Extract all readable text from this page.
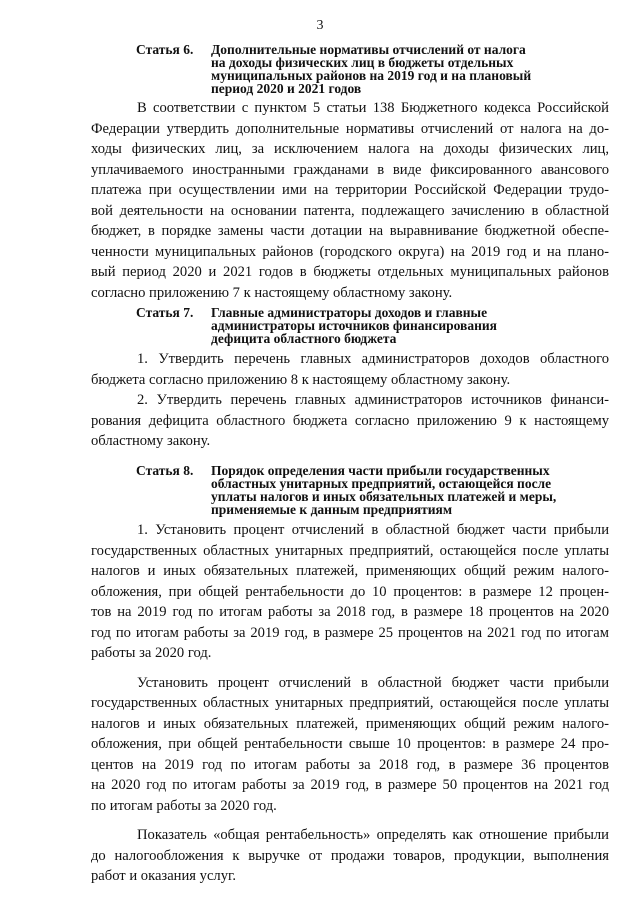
3
Статья 6.	Дополнительные нормативы отчислений от налога
на доходы физических лиц в бюджеты отдельных
муниципальных районов на 2019 год и на плановый
период 2020 и 2021 годов
В соответствии с пунктом 5 статьи 138 Бюджетного кодекса Российской
Федерации утвердить дополнительные нормативы отчислений от налога на до-
ходы физических лиц, за исключением налога на доходы физических лиц,
уплачиваемого иностранными гражданами в виде фиксированного авансового
платежа при осуществлении ими на территории Российской Федерации трудо-
вой деятельности на основании патента, подлежащего зачислению в областной
бюджет, в порядке замены части дотации на выравнивание бюджетной обеспе-
ченности муниципальных районов (городского округа) на 2019 год и на плано-
вый период 2020 и 2021 годов в бюджеты отдельных муниципальных районов
согласно приложению 7 к настоящему областному закону.
Статья 7.	Главные администраторы доходов и главные
администраторы источников финансирования
дефицита областного бюджета
1. Утвердить перечень главных администраторов доходов областного
бюджета согласно приложению 8 к настоящему областному закону.
2. Утвердить перечень главных администраторов источников финанси-
рования дефицита областного бюджета согласно приложению 9 к настоящему
областному закону.
Статья 8.	Порядок определения части прибыли государственных
областных унитарных предприятий, остающейся после
уплаты налогов и иных обязательных платежей и меры,
применяемые к данным предприятиям
1. Установить процент отчислений в областной бюджет части прибыли
государственных областных унитарных предприятий, остающейся после уплаты
налогов и иных обязательных платежей, применяющих общий режим налого-
обложения, при общей рентабельности до 10 процентов: в размере 12 процен-
тов на 2019 год по итогам работы за 2018 год, в размере 18 процентов на 2020
год по итогам работы за 2019 год, в размере 25 процентов на 2021 год по итогам
работы за 2020 год.
Установить процент отчислений в областной бюджет части прибыли
государственных областных унитарных предприятий, остающейся после уплаты
налогов и иных обязательных платежей, применяющих общий режим налого-
обложения, при общей рентабельности свыше 10 процентов: в размере 24 про-
центов на 2019 год по итогам работы за 2018 год, в размере 36 процентов
на 2020 год по итогам работы за 2019 год, в размере 50 процентов на 2021 год
по итогам работы за 2020 год.
Показатель «общая рентабельность» определять как отношение прибыли
до налогообложения к выручке от продажи товаров, продукции, выполнения
работ и оказания услуг.
